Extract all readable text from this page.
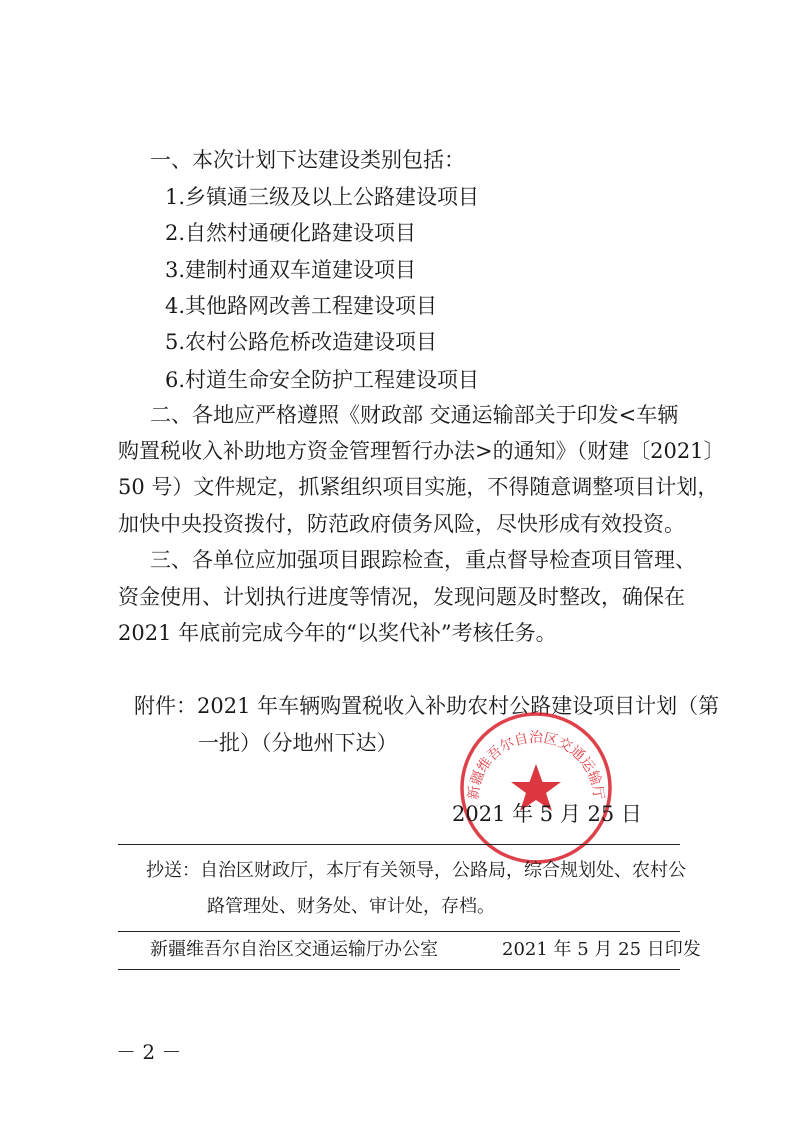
一、本次计划下达建设类别包括：
1.乡镇通三级及以上公路建设项目
2.自然村通硬化路建设项目
3.建制村通双车道建设项目
4.其他路网改善工程建设项目
5.农村公路危桥改造建设项目
6.村道生命安全防护工程建设项目
二、各地应严格遵照《财政部 交通运输部关于印发<车辆
购置税收入补助地方资金管理暂行办法>的通知》（财建〔2021〕
50 号）文件规定，抓紧组织项目实施，不得随意调整项目计划，
加快中央投资拨付，防范政府债务风险，尽快形成有效投资。
三、各单位应加强项目跟踪检查，重点督导检查项目管理、
资金使用、计划执行进度等情况，发现问题及时整改，确保在
2021 年底前完成今年的“以奖代补”考核任务。
附件：2021 年车辆购置税收入补助农村公路建设项目计划（第
一批）（分地州下达）
新疆维吾尔自治区交通运输厅
2021 年 5 月 25 日
抄送：自治区财政厅，本厅有关领导，公路局，综合规划处、农村公
路管理处、财务处、审计处，存档。
新疆维吾尔自治区交通运输厅办公室	2021 年 5 月 25 日印发
－ 2 －
